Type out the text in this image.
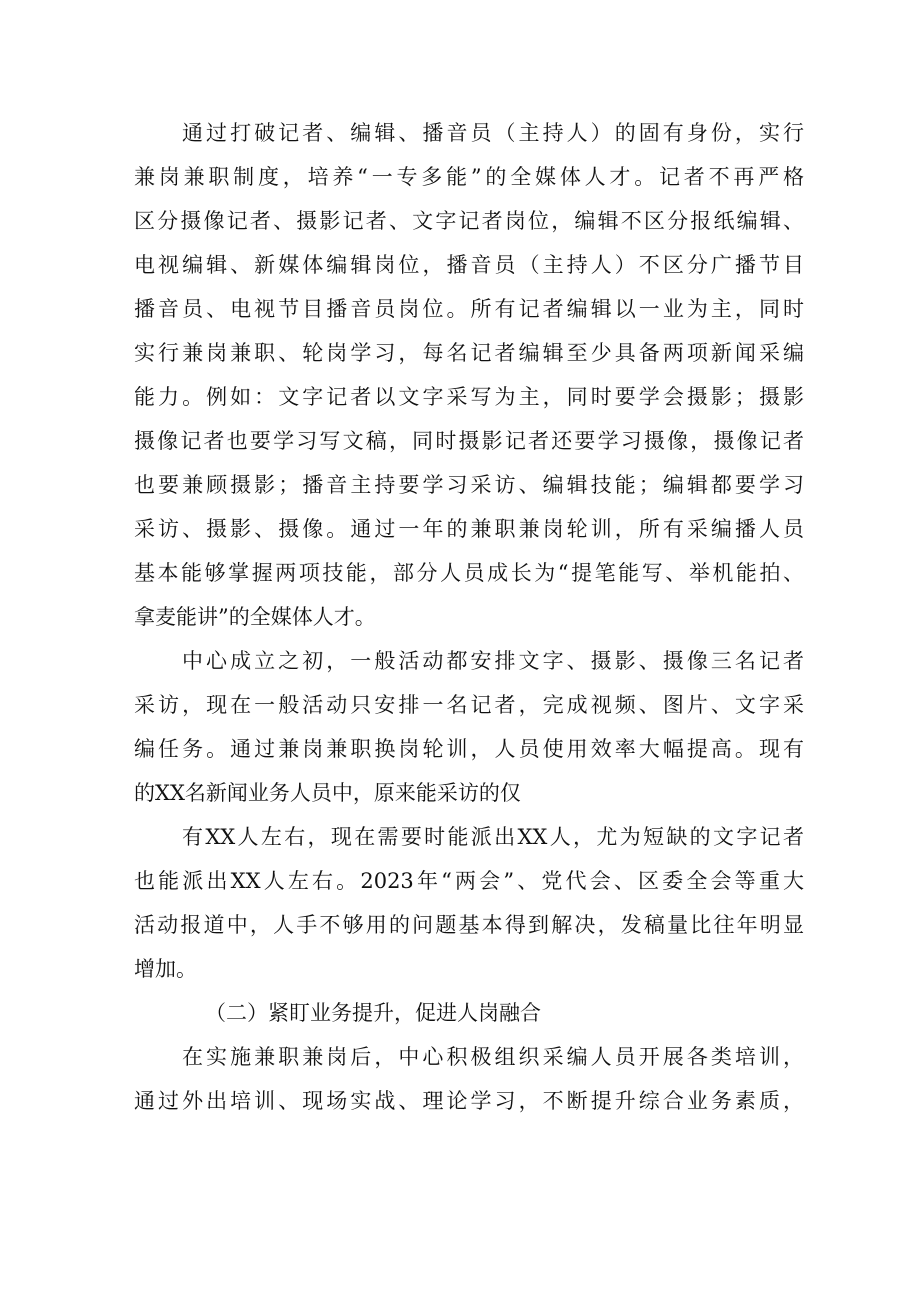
通过打破记者、编辑、播音员（主持人）的固有身份，实行
兼岗兼职制度，培养“一专多能”的全媒体人才。记者不再严格
区分摄像记者、摄影记者、文字记者岗位，编辑不区分报纸编辑、
电视编辑、新媒体编辑岗位，播音员（主持人）不区分广播节目
播音员、电视节目播音员岗位。所有记者编辑以一业为主，同时
实行兼岗兼职、轮岗学习，每名记者编辑至少具备两项新闻采编
能力。例如：文字记者以文字采写为主，同时要学会摄影；摄影
摄像记者也要学习写文稿，同时摄影记者还要学习摄像，摄像记者
也要兼顾摄影；播音主持要学习采访、编辑技能；编辑都要学习
采访、摄影、摄像。通过一年的兼职兼岗轮训，所有采编播人员
基本能够掌握两项技能，部分人员成长为“提笔能写、举机能拍、
拿麦能讲”的全媒体人才。
中心成立之初，一般活动都安排文字、摄影、摄像三名记者
采访，现在一般活动只安排一名记者，完成视频、图片、文字采
编任务。通过兼岗兼职换岗轮训，人员使用效率大幅提高。现有
的XX名新闻业务人员中，原来能采访的仅
有XX人左右，现在需要时能派出XX人，尤为短缺的文字记者
也能派出XX人左右。2023年“两会”、党代会、区委全会等重大
活动报道中，人手不够用的问题基本得到解决，发稿量比往年明显
增加。
（二）紧盯业务提升，促进人岗融合
在实施兼职兼岗后，中心积极组织采编人员开展各类培训，
通过外出培训、现场实战、理论学习，不断提升综合业务素质，
